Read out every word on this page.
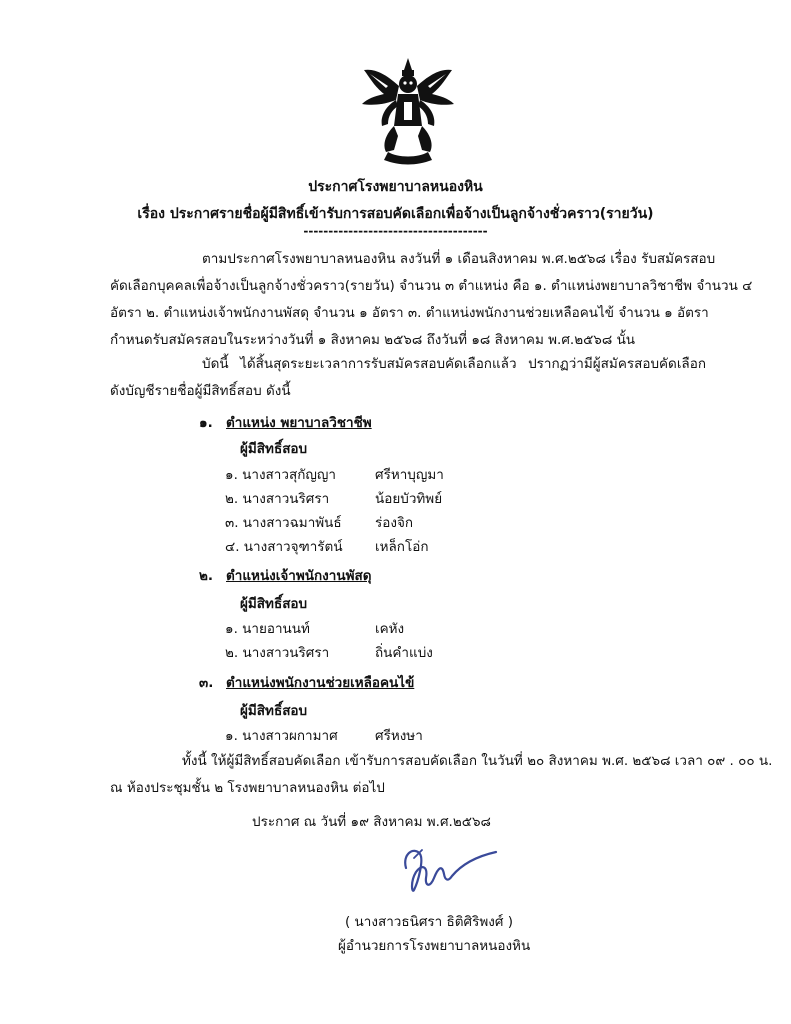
ประกาศโรงพยาบาลหนองหิน
เรื่อง ประกาศรายชื่อผู้มีสิทธิ์เข้ารับการสอบคัดเลือกเพื่อจ้างเป็นลูกจ้างชั่วคราว(รายวัน)
-------------------------------------
ตามประกาศโรงพยาบาลหนองหิน ลงวันที่ ๑ เดือนสิงหาคม พ.ศ.๒๕๖๘ เรื่อง รับสมัครสอบ
คัดเลือกบุคคลเพื่อจ้างเป็นลูกจ้างชั่วคราว(รายวัน) จำนวน ๓ ตำแหน่ง คือ ๑. ตำแหน่งพยาบาลวิชาชีพ จำนวน ๔
อัตรา ๒. ตำแหน่งเจ้าพนักงานพัสดุ จำนวน ๑ อัตรา ๓. ตำแหน่งพนักงานช่วยเหลือคนไข้ จำนวน ๑ อัตรา
กำหนดรับสมัครสอบในระหว่างวันที่ ๑ สิงหาคม ๒๕๖๘ ถึงวันที่ ๑๘ สิงหาคม พ.ศ.๒๕๖๘ นั้น
บัดนี้ ได้สิ้นสุดระยะเวลาการรับสมัครสอบคัดเลือกแล้ว ปรากฏว่ามีผู้สมัครสอบคัดเลือก
ดังบัญชีรายชื่อผู้มีสิทธิ์สอบ ดังนี้
๑. ตำแหน่ง พยาบาลวิชาชีพ
ผู้มีสิทธิ์สอบ
๑. นางสาวสุกัญญา	ศรีหาบุญมา
๒. นางสาวนริศรา	น้อยบัวทิพย์
๓. นางสาวฉมาพันธ์ ร่องจิก
๔. นางสาวจุฑารัตน์ เหล็กโอ่ก
๒. ตำแหน่งเจ้าพนักงานพัสดุ
ผู้มีสิทธิ์สอบ
๑. นายอานนท์	เคหัง
๒. นางสาวนริศรา	ถิ่นคำแบ่ง
๓. ตำแหน่งพนักงานช่วยเหลือคนไข้
ผู้มีสิทธิ์สอบ
๑. นางสาวผกามาศ	ศรีหงษา
ทั้งนี้ ให้ผู้มีสิทธิ์สอบคัดเลือก เข้ารับการสอบคัดเลือก ในวันที่ ๒๐ สิงหาคม พ.ศ. ๒๕๖๘ เวลา ๐๙ . ๐๐ น.
ณ ห้องประชุมชั้น ๒ โรงพยาบาลหนองหิน ต่อไป
ประกาศ ณ วันที่ ๑๙ สิงหาคม พ.ศ.๒๕๖๘
( นางสาวธนิศรา ธิติศิริพงศ์ )
ผู้อำนวยการโรงพยาบาลหนองหิน
